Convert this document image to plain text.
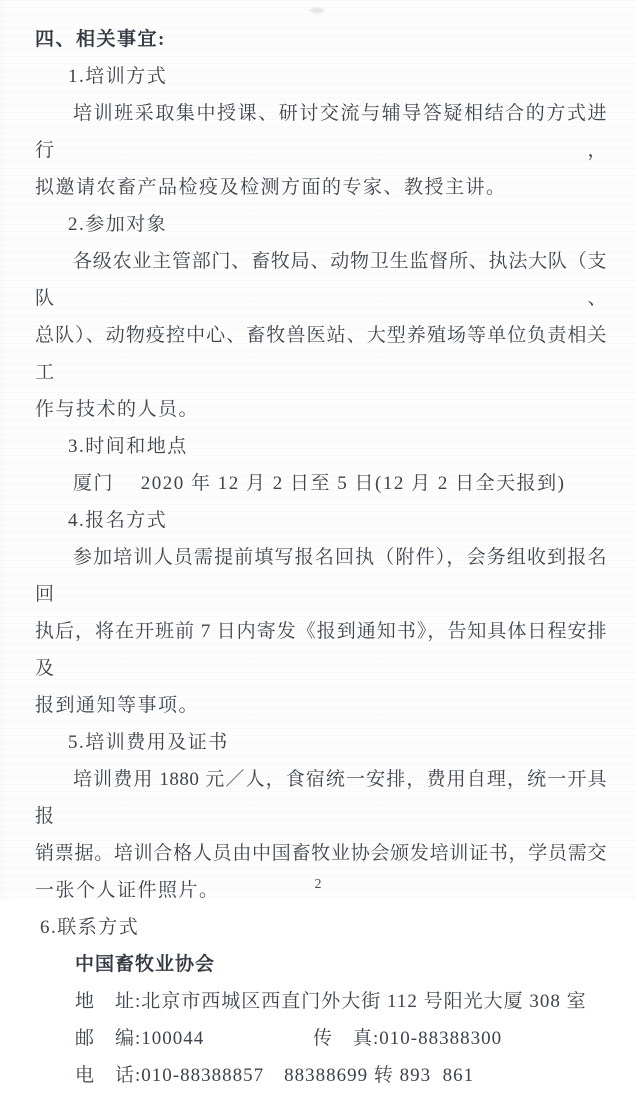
四、相关事宜:
1.培训方式
培训班采取集中授课、研讨交流与辅导答疑相结合的方式进行，
拟邀请农畜产品检疫及检测方面的专家、教授主讲。
2.参加对象
各级农业主管部门、畜牧局、动物卫生监督所、执法大队（支队、
总队）、动物疫控中心、畜牧兽医站、大型养殖场等单位负责相关工
作与技术的人员。
3.时间和地点
厦门　 2020 年 12 月 2 日至 5 日(12 月 2 日全天报到)
4.报名方式
参加培训人员需提前填写报名回执（附件），会务组收到报名回
执后，将在开班前 7 日内寄发《报到通知书》，告知具体日程安排及
报到通知等事项。
5.培训费用及证书
培训费用 1880 元／人，食宿统一安排，费用自理，统一开具报
销票据。培训合格人员由中国畜牧业协会颁发培训证书，学员需交
一张个人证件照片。
6.联系方式
中国畜牧业协会
地　址:北京市西城区西直门外大街 112 号阳光大厦 308 室
邮　编:100044	传　真:010-88388300
电　话:010-88388857　88388699 转 893  861
2
